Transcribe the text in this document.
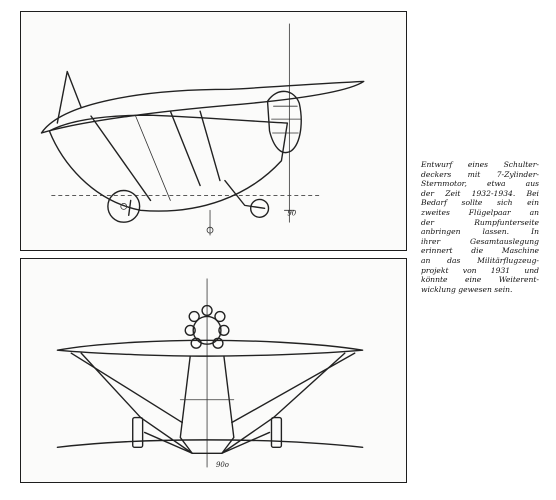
90
90o
Entwurf eines Schulter-
deckers mit 7-Zylinder-
Sternmotor, etwa aus
der Zeit 1932-1934. Bei
Bedarf sollte sich ein
zweites Flügelpaar an
der Rumpfunterseite
anbringen lassen. In
ihrer Gesamtauslegung
erinnert die Maschine
an das Militärflugzeug-
projekt von 1931 und
könnte eine Weiterent-
wicklung gewesen sein.
